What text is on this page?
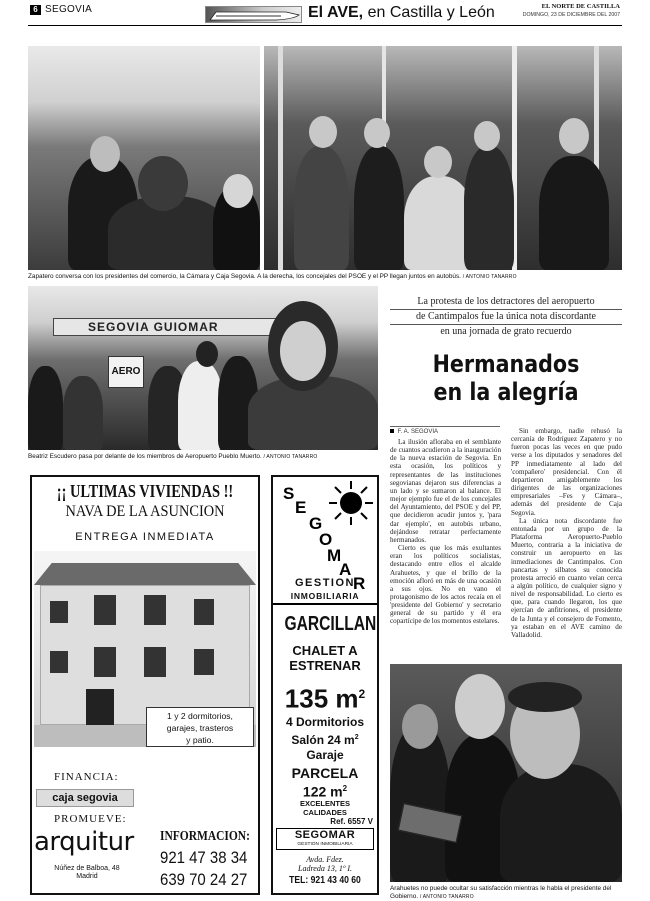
6 SEGOVIA	El AVE, en Castilla y León	EL NORTE DE CASTILLA
DOMINGO, 23 DE DICIEMBRE DEL 2007
Zapatero conversa con los presidentes del comercio, la Cámara y Caja Segovia. A la derecha, los concejales del PSOE y el PP llegan juntos en autobús. / ANTONIO TANARRO
SEGOVIA GUIOMAR
AERO
Beatriz Escudero pasa por delante de los miembros de Aeropuerto Pueblo Muerto. / ANTONIO TANARRO
La protesta de los detractores del aeropuerto
de Cantimpalos fue la única nota discordante
en una jornada de grato recuerdo
Hermanados
en la alegría
F. A. SEGOVIA

La ilusión afloraba en el semblante de cuantos acudieron a la inauguración de la nueva estación de Segovia. En esta ocasión, los políticos y representantes de las instituciones segovianas dejaron sus diferencias a un lado y se sumaron al balance. El mejor ejemplo fue el de los concejales del Ayuntamiento, del PSOE y del PP, que decidieron acudir juntos y, 'para dar ejemplo', en autobús urbano, dejándose retratar perfectamente hermanados.

Cierto es que los más exultantes eran los políticos socialistas, destacando entre ellos el alcalde Arahuetes, y que el brillo de la emoción afloró en más de una ocasión a sus ojos. No en vano el protagonismo de los actos recaía en el 'presidente del Gobierno' y secretario general de su partido y él era copartícipe de los momentos estelares.

Sin embargo, nadie rehusó la cercanía de Rodríguez Zapatero y no fueron pocas las veces en que pudo verse a los diputados y senadores del PP inmediatamente al lado del 'compañero' presidencial. Con él departieron amigablemente los dirigentes de las organizaciones empresariales –Fes y Cámara–, además del presidente de Caja Segovia.

La única nota discordante fue entonada por un grupo de la Plataforma Aeropuerto-Pueblo Muerto, contraria a la iniciativa de construir un aeropuerto en las inmediaciones de Cantimpalos. Con pancartas y silbatos su conocida protesta arreció en cuanto veían cerca a algún político, de cualquier signo y nivel de responsabilidad. Lo cierto es que, para cuando llegaron, los que ejercían de anfitriones, el presidente de la Junta y el consejero de Fomento, ya estaban en el AVE camino de Valladolid.

Arahuetes no puede ocultar su satisfacción mientras le habla el presidente del Gobierno. / ANTONIO TANARRO
¡¡ ULTIMAS VIVIENDAS !!
NAVA DE LA ASUNCION
ENTREGA INMEDIATA
1 y 2 dormitorios,
garajes, trasteros
y patio.
FINANCIA:
caja segovia
PROMUEVE:
arquitur
Núñez de Balboa, 48
Madrid
INFORMACION:
921 47 38 34
639 70 24 27
S
E
G
O
M
A
R
GESTION
INMOBILIARIA
GARCILLAN
CHALET A
ESTRENAR
135 $m^2$
4 Dormitorios
Salón 24 $m^2$
Garaje
PARCELA
122 $m^2$
EXCELENTES
CALIDADES
Ref. 6557 V
SEGOMAR
GESTION INMOBILIARIA
Avda. Fdez.
Ladreda 13, 1º I.
TEL: 921 43 40 60
